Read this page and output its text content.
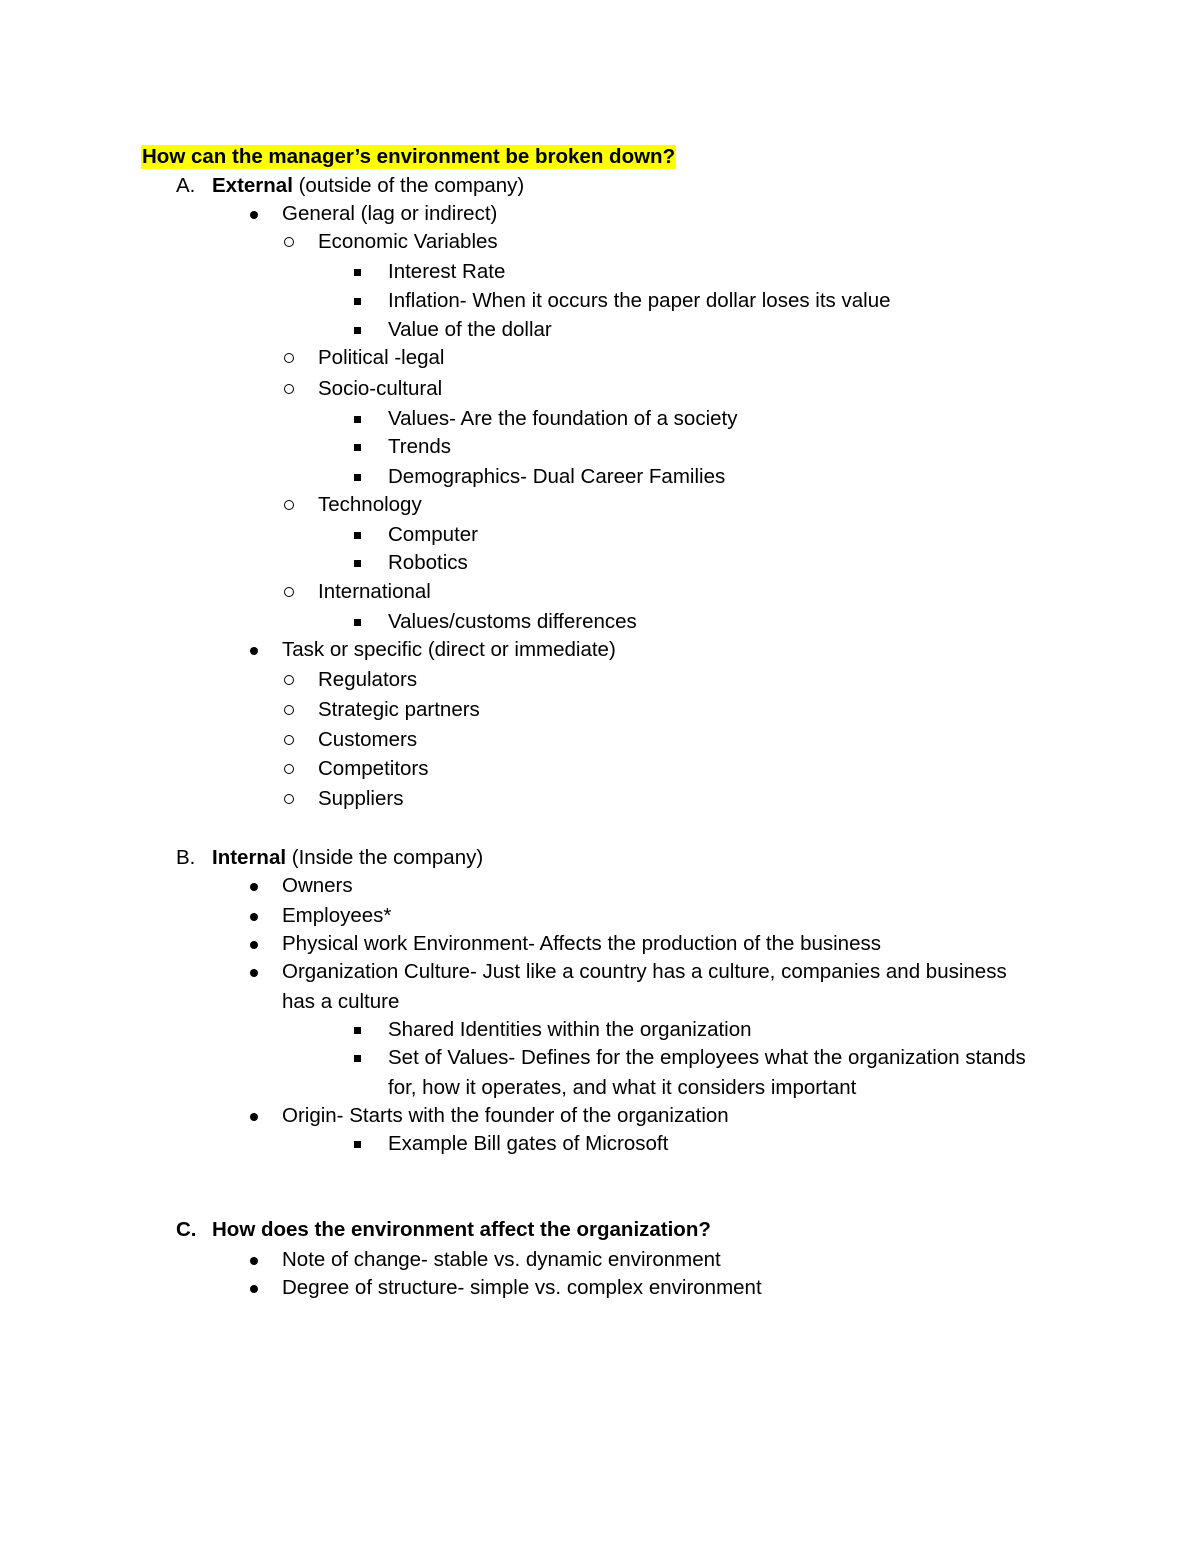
How can the manager’s environment be broken down?
A. External (outside of the company)
General (lag or indirect)
Economic Variables
Interest Rate
Inflation- When it occurs the paper dollar loses its value
Value of the dollar
Political -legal
Socio-cultural
Values- Are the foundation of a society
Trends
Demographics- Dual Career Families
Technology
Computer
Robotics
International
Values/customs differences
Task or specific (direct or immediate)
Regulators
Strategic partners
Customers
Competitors
Suppliers
B. Internal (Inside the company)
Owners
Employees*
Physical work Environment- Affects the production of the business
Organization Culture- Just like a country has a culture, companies and business
has a culture
Shared Identities within the organization
Set of Values- Defines for the employees what the organization stands
for, how it operates, and what it considers important
Origin- Starts with the founder of the organization
Example Bill gates of Microsoft
C. How does the environment affect the organization?
Note of change- stable vs. dynamic environment
Degree of structure- simple vs. complex environment
